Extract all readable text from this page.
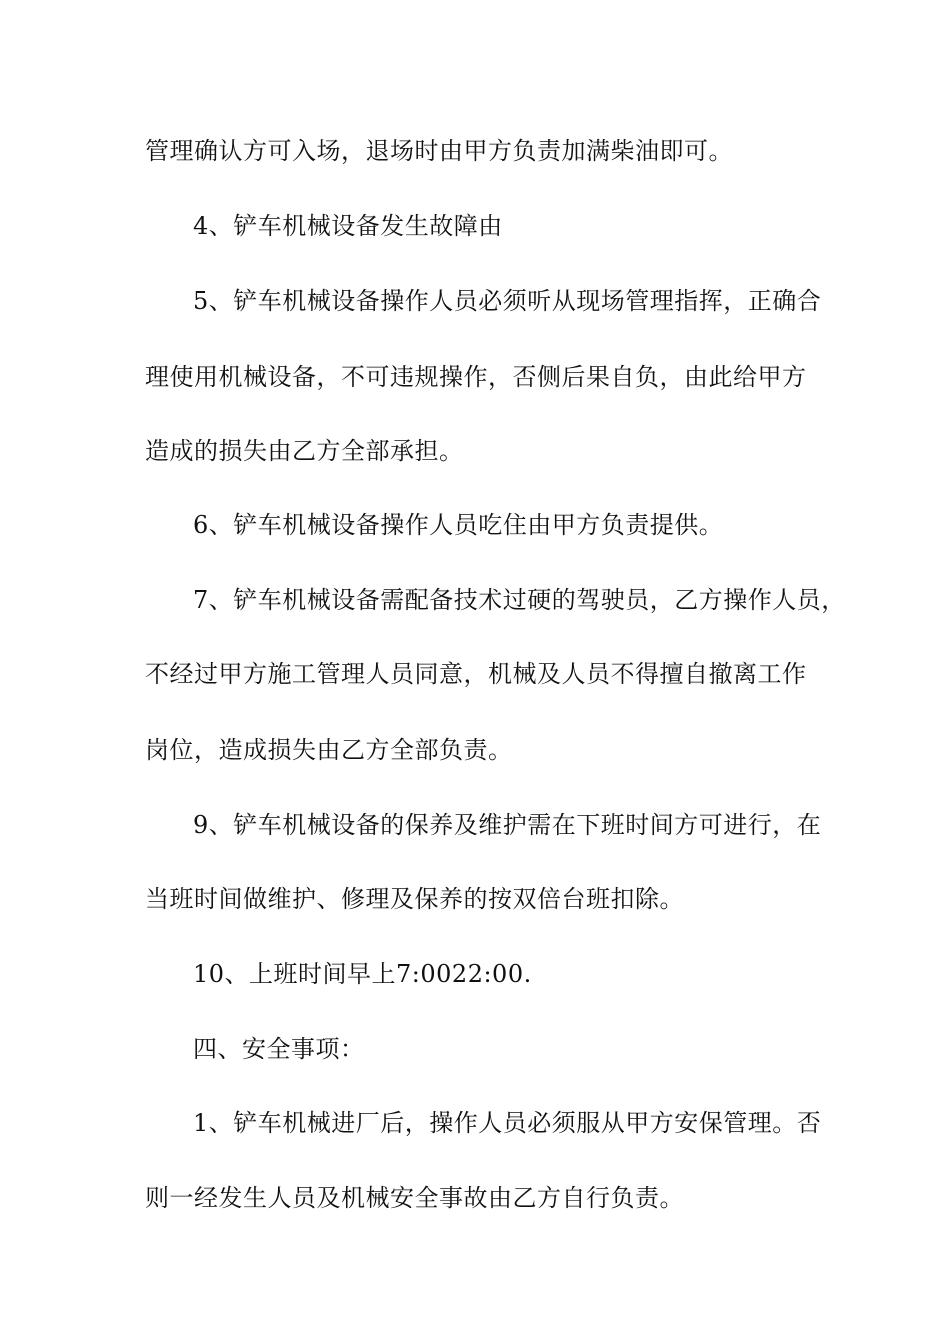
管理确认方可入场，退场时由甲方负责加满柴油即可。
4、铲车机械设备发生故障由
5、铲车机械设备操作人员必须听从现场管理指挥，正确合
理使用机械设备，不可违规操作，否侧后果自负，由此给甲方
造成的损失由乙方全部承担。
6、铲车机械设备操作人员吃住由甲方负责提供。
7、铲车机械设备需配备技术过硬的驾驶员，乙方操作人员，
不经过甲方施工管理人员同意，机械及人员不得擅自撤离工作
岗位，造成损失由乙方全部负责。
9、铲车机械设备的保养及维护需在下班时间方可进行，在
当班时间做维护、修理及保养的按双倍台班扣除。
10、上班时间早上7:0022:00.
四、安全事项：
1、铲车机械进厂后，操作人员必须服从甲方安保管理。否
则一经发生人员及机械安全事故由乙方自行负责。
